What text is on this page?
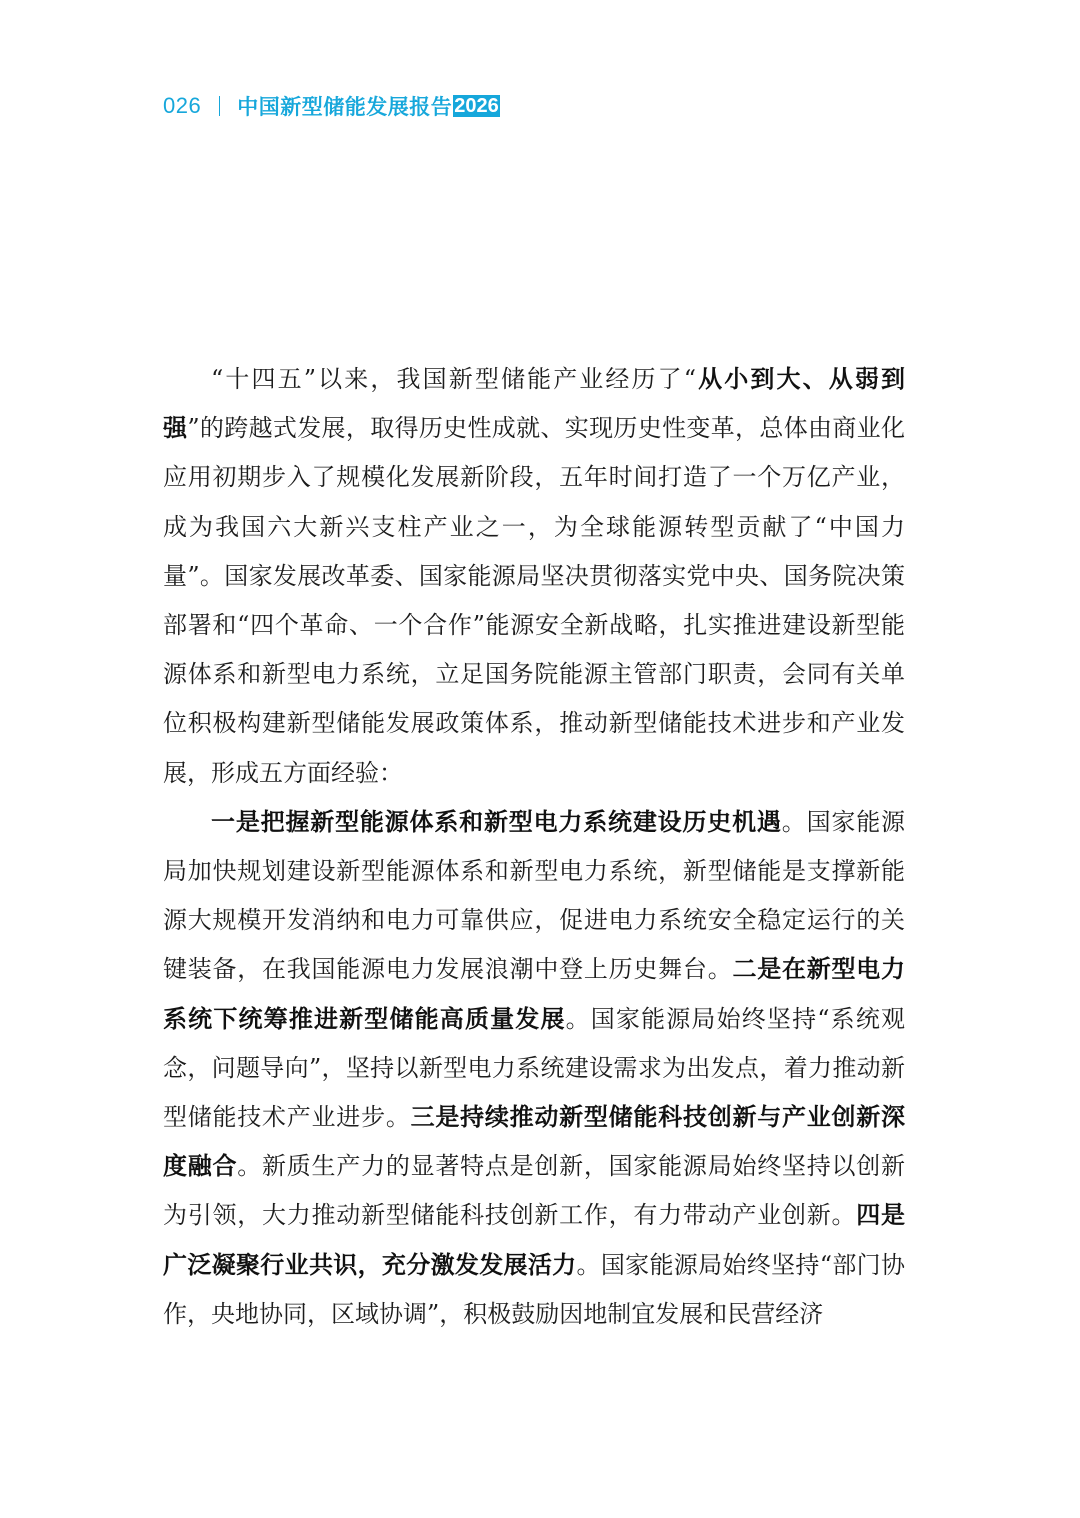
026 中国新型储能发展报告 2026

“十四五”以来，我国新型储能产业经历了“从小到大、从弱到强”的跨越式发展，取得历史性成就、实现历史性变革，总体由商业化应用初期步入了规模化发展新阶段，五年时间打造了一个万亿产业，成为我国六大新兴支柱产业之一，为全球能源转型贡献了“中国力量”。国家发展改革委、国家能源局坚决贯彻落实党中央、国务院决策部署和“四个革命、一个合作”能源安全新战略，扎实推进建设新型能源体系和新型电力系统，立足国务院能源主管部门职责，会同有关单位积极构建新型储能发展政策体系，推动新型储能技术进步和产业发展，形成五方面经验：

一是把握新型能源体系和新型电力系统建设历史机遇。国家能源局加快规划建设新型能源体系和新型电力系统，新型储能是支撑新能源大规模开发消纳和电力可靠供应，促进电力系统安全稳定运行的关键装备，在我国能源电力发展浪潮中登上历史舞台。二是在新型电力系统下统筹推进新型储能高质量发展。国家能源局始终坚持“系统观念，问题导向”，坚持以新型电力系统建设需求为出发点，着力推动新型储能技术产业进步。三是持续推动新型储能科技创新与产业创新深度融合。新质生产力的显著特点是创新，国家能源局始终坚持以创新为引领，大力推动新型储能科技创新工作，有力带动产业创新。四是广泛凝聚行业共识，充分激发发展活力。国家能源局始终坚持“部门协作，央地协同，区域协调”，积极鼓励因地制宜发展和民营经济
